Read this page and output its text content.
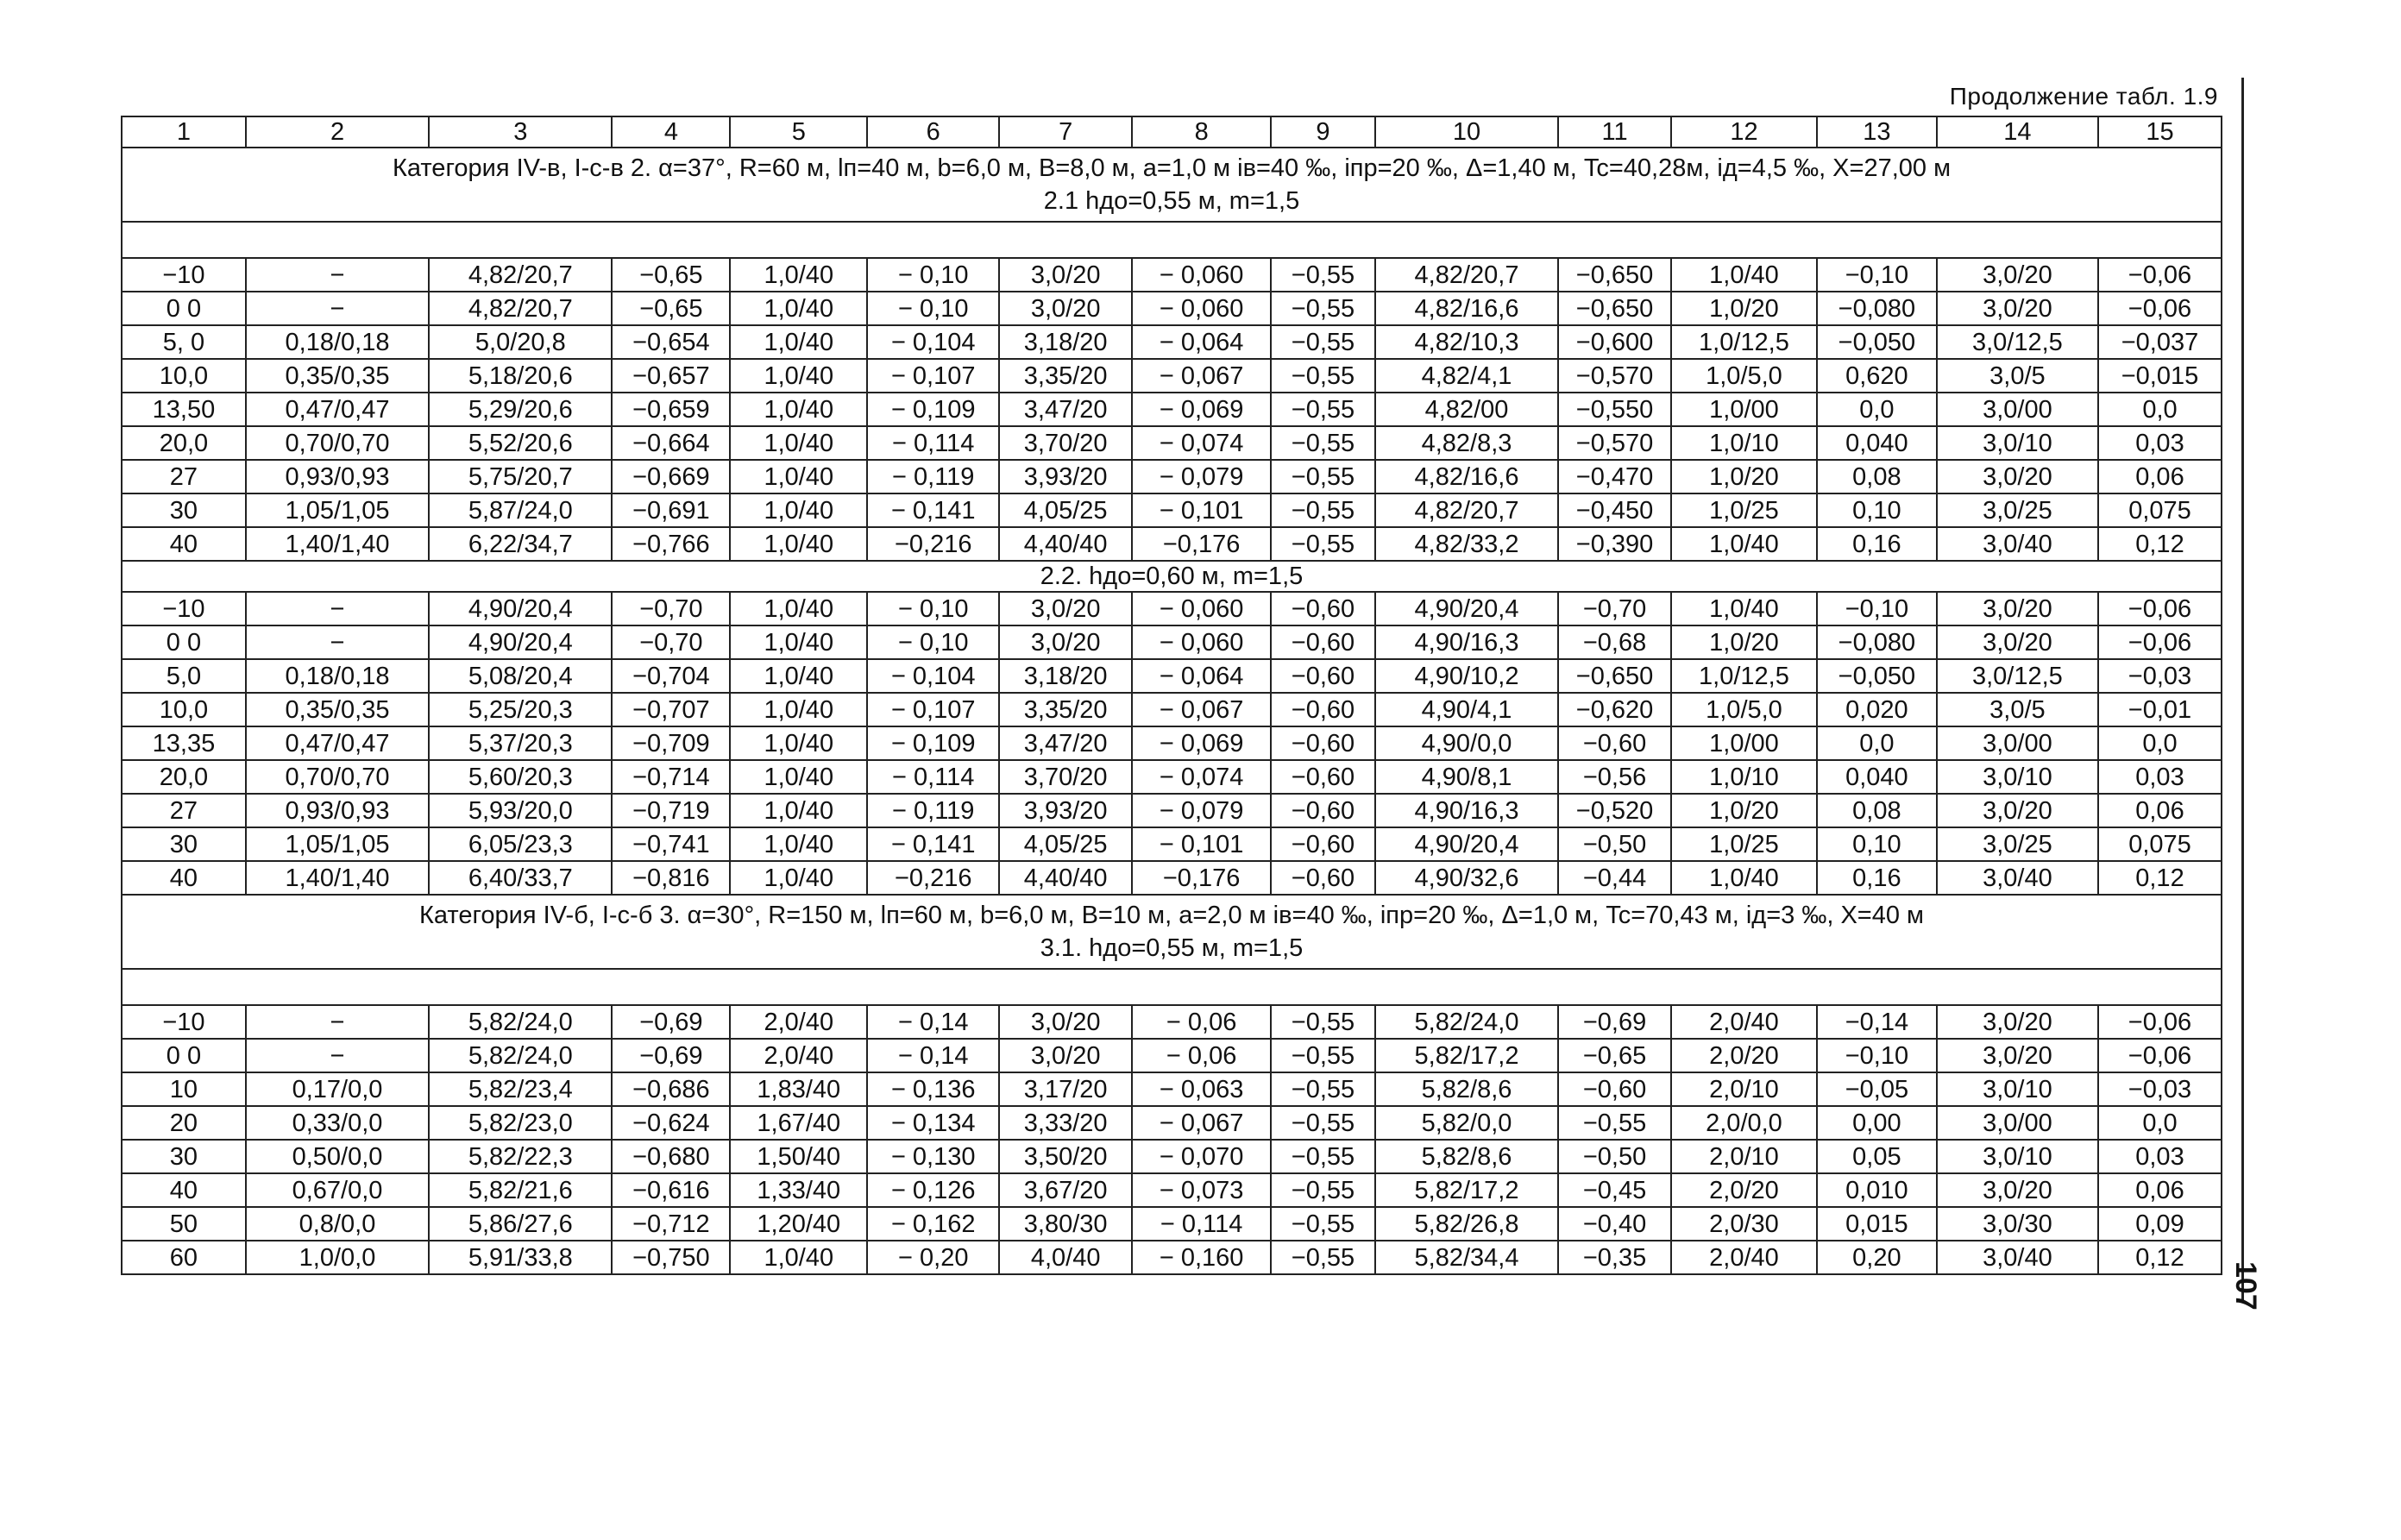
Продолжение табл. 1.9
1	2	3	4	5	6	7	8	9	10	11	12	13	14	15

Категория IV-в, I-с-в 2. α=37°, R=60 м, lп=40 м, b=6,0 м, В=8,0 м, a=1,0 м iв=40 ‰, iпр=20 ‰, Δ=1,40 м, Tc=40,28м, iд=4,5 ‰, X=27,00 м
2.1 hдо=0,55 м, m=1,5														

−10	−	4,82/20,7	−0,65	1,0/40	− 0,10	3,0/20	− 0,060	−0,55	4,82/20,7	−0,650	1,0/40	−0,10	3,0/20	−0,06
0 0	−	4,82/20,7	−0,65	1,0/40	− 0,10	3,0/20	− 0,060	−0,55	4,82/16,6	−0,650	1,0/20	−0,080	3,0/20	−0,06
5, 0	0,18/0,18	5,0/20,8	−0,654	1,0/40	− 0,104	3,18/20	− 0,064	−0,55	4,82/10,3	−0,600	1,0/12,5	−0,050	3,0/12,5	−0,037
10,0	0,35/0,35	5,18/20,6	−0,657	1,0/40	− 0,107	3,35/20	− 0,067	−0,55	4,82/4,1	−0,570	1,0/5,0	0,620	3,0/5	−0,015
13,50	0,47/0,47	5,29/20,6	−0,659	1,0/40	− 0,109	3,47/20	− 0,069	−0,55	4,82/00	−0,550	1,0/00	0,0	3,0/00	0,0
20,0	0,70/0,70	5,52/20,6	−0,664	1,0/40	− 0,114	3,70/20	− 0,074	−0,55	4,82/8,3	−0,570	1,0/10	0,040	3,0/10	0,03
27	0,93/0,93	5,75/20,7	−0,669	1,0/40	− 0,119	3,93/20	− 0,079	−0,55	4,82/16,6	−0,470	1,0/20	0,08	3,0/20	0,06
30	1,05/1,05	5,87/24,0	−0,691	1,0/40	− 0,141	4,05/25	− 0,101	−0,55	4,82/20,7	−0,450	1,0/25	0,10	3,0/25	0,075
40	1,40/1,40	6,22/34,7	−0,766	1,0/40	−0,216	4,40/40	−0,176	−0,55	4,82/33,2	−0,390	1,0/40	0,16	3,0/40	0,12
2.2. hдо=0,60 м, m=1,5														
−10	−	4,90/20,4	−0,70	1,0/40	− 0,10	3,0/20	− 0,060	−0,60	4,90/20,4	−0,70	1,0/40	−0,10	3,0/20	−0,06
0 0	−	4,90/20,4	−0,70	1,0/40	− 0,10	3,0/20	− 0,060	−0,60	4,90/16,3	−0,68	1,0/20	−0,080	3,0/20	−0,06
5,0	0,18/0,18	5,08/20,4	−0,704	1,0/40	− 0,104	3,18/20	− 0,064	−0,60	4,90/10,2	−0,650	1,0/12,5	−0,050	3,0/12,5	−0,03
10,0	0,35/0,35	5,25/20,3	−0,707	1,0/40	− 0,107	3,35/20	− 0,067	−0,60	4,90/4,1	−0,620	1,0/5,0	0,020	3,0/5	−0,01
13,35	0,47/0,47	5,37/20,3	−0,709	1,0/40	− 0,109	3,47/20	− 0,069	−0,60	4,90/0,0	−0,60	1,0/00	0,0	3,0/00	0,0
20,0	0,70/0,70	5,60/20,3	−0,714	1,0/40	− 0,114	3,70/20	− 0,074	−0,60	4,90/8,1	−0,56	1,0/10	0,040	3,0/10	0,03
27	0,93/0,93	5,93/20,0	−0,719	1,0/40	− 0,119	3,93/20	− 0,079	−0,60	4,90/16,3	−0,520	1,0/20	0,08	3,0/20	0,06
30	1,05/1,05	6,05/23,3	−0,741	1,0/40	− 0,141	4,05/25	− 0,101	−0,60	4,90/20,4	−0,50	1,0/25	0,10	3,0/25	0,075
40	1,40/1,40	6,40/33,7	−0,816	1,0/40	−0,216	4,40/40	−0,176	−0,60	4,90/32,6	−0,44	1,0/40	0,16	3,0/40	0,12

Категория IV-б, I-с-б 3. α=30°, R=150 м, lп=60 м, b=6,0 м, В=10 м, a=2,0 м iв=40 ‰, iпр=20 ‰, Δ=1,0 м, Tc=70,43 м, iд=3 ‰, X=40 м
3.1. hдо=0,55 м, m=1,5														

−10	−	5,82/24,0	−0,69	2,0/40	− 0,14	3,0/20	− 0,06	−0,55	5,82/24,0	−0,69	2,0/40	−0,14	3,0/20	−0,06
0 0	−	5,82/24,0	−0,69	2,0/40	− 0,14	3,0/20	− 0,06	−0,55	5,82/17,2	−0,65	2,0/20	−0,10	3,0/20	−0,06
10	0,17/0,0	5,82/23,4	−0,686	1,83/40	− 0,136	3,17/20	− 0,063	−0,55	5,82/8,6	−0,60	2,0/10	−0,05	3,0/10	−0,03
20	0,33/0,0	5,82/23,0	−0,624	1,67/40	− 0,134	3,33/20	− 0,067	−0,55	5,82/0,0	−0,55	2,0/0,0	0,00	3,0/00	0,0
30	0,50/0,0	5,82/22,3	−0,680	1,50/40	− 0,130	3,50/20	− 0,070	−0,55	5,82/8,6	−0,50	2,0/10	0,05	3,0/10	0,03
40	0,67/0,0	5,82/21,6	−0,616	1,33/40	− 0,126	3,67/20	− 0,073	−0,55	5,82/17,2	−0,45	2,0/20	0,010	3,0/20	0,06
50	0,8/0,0	5,86/27,6	−0,712	1,20/40	− 0,162	3,80/30	− 0,114	−0,55	5,82/26,8	−0,40	2,0/30	0,015	3,0/30	0,09
60	1,0/0,0	5,91/33,8	−0,750	1,0/40	− 0,20	4,0/40	− 0,160	−0,55	5,82/34,4	−0,35	2,0/40	0,20	3,0/40	0,12
107
